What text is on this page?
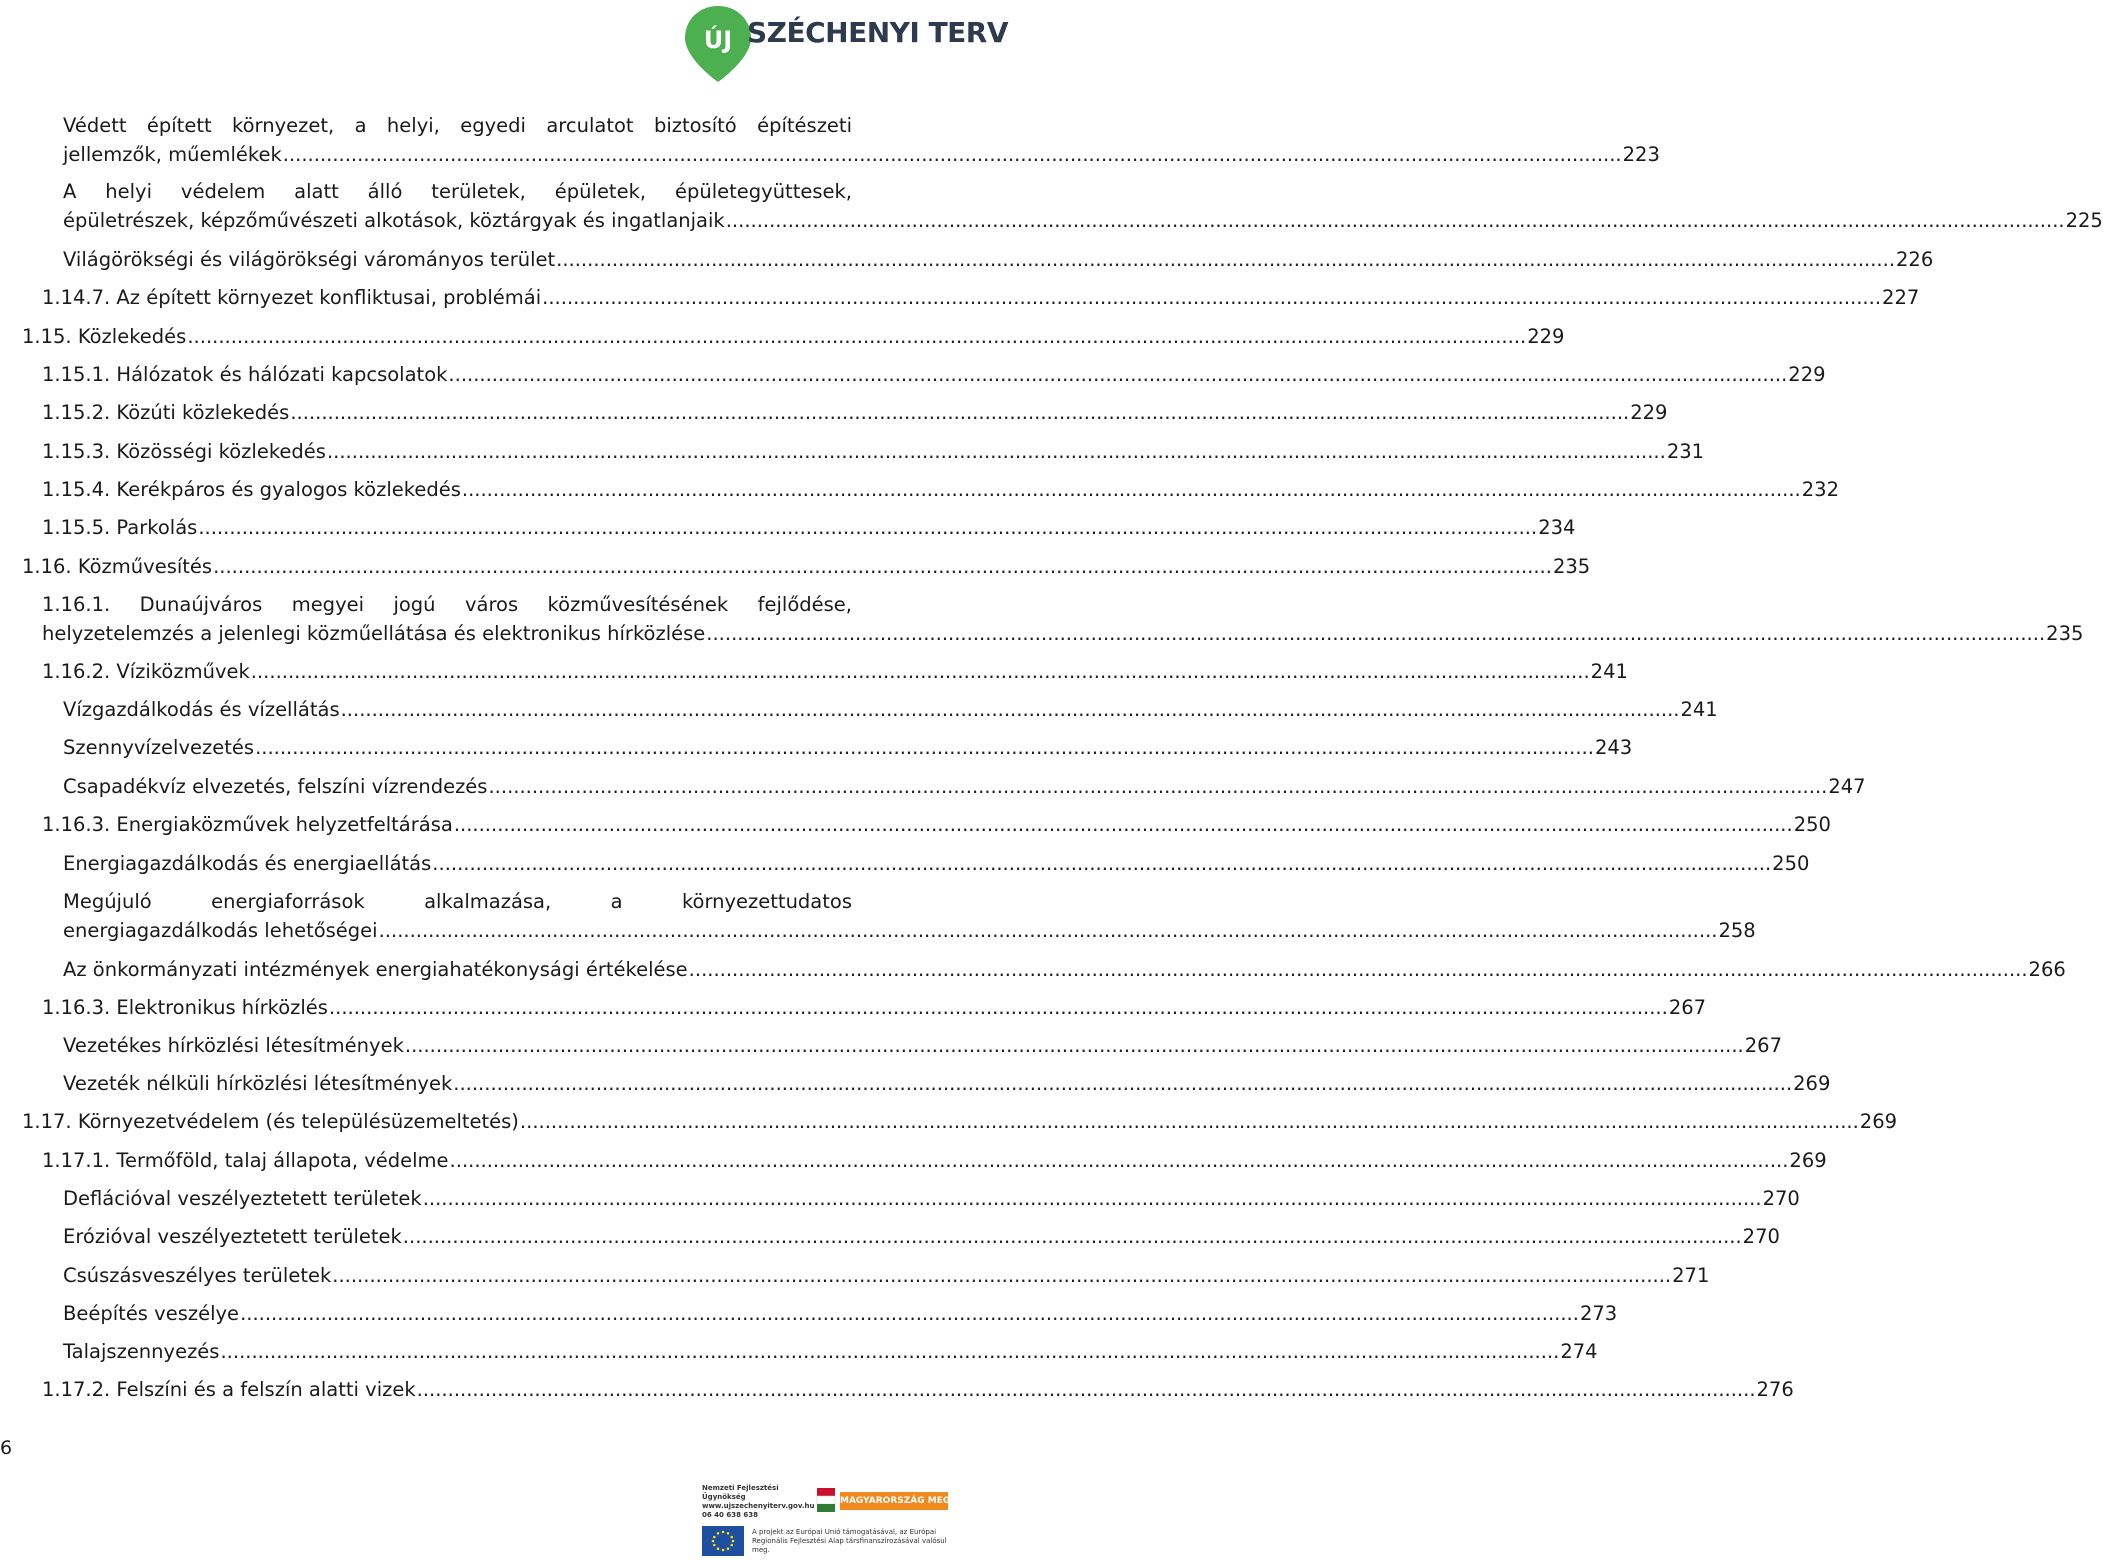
ÚJ SZÉCHENYI TERV
Védett épített környezet, a helyi, egyedi arculatot biztosító építészeti
jellemzők, műemlékek .....	223
A helyi védelem alatt álló területek, épületek, épületegyüttesek,
épületrészek, képzőművészeti alkotások, köztárgyak és ingatlanjaik .....	225
Világörökségi és világörökségi várományos terület .....	226
1.14.7. Az épített környezet konfliktusai, problémái .....	227
1.15. Közlekedés .....	229
1.15.1. Hálózatok és hálózati kapcsolatok .....	229
1.15.2. Közúti közlekedés .....	229
1.15.3. Közösségi közlekedés .....	231
1.15.4. Kerékpáros és gyalogos közlekedés .....	232
1.15.5. Parkolás .....	234
1.16. Közművesítés .....	235
1.16.1. Dunaújváros megyei jogú város közművesítésének fejlődése,
helyzetelemzés a jelenlegi közműellátása és elektronikus hírközlése .....	235
1.16.2. Víziközművek .....	241
Vízgazdálkodás és vízellátás .....	241
Szennyvízelvezetés .....	243
Csapadékvíz elvezetés, felszíni vízrendezés .....	247
1.16.3. Energiaközművek helyzetfeltárása .....	250
Energiagazdálkodás és energiaellátás .....	250
Megújuló energiaforrások alkalmazása, a környezettudatos
energiagazdálkodás lehetőségei .....	258
Az önkormányzati intézmények energiahatékonysági értékelése .....	266
1.16.3. Elektronikus hírközlés .....	267
Vezetékes hírközlési létesítmények .....	267
Vezeték nélküli hírközlési létesítmények .....	269
1.17. Környezetvédelem (és településüzemeltetés) .....	269
1.17.1. Termőföld, talaj állapota, védelme .....	269
Deflációval veszélyeztetett területek .....	270
Erózióval veszélyeztetett területek .....	270
Csúszásveszélyes területek .....	271
Beépítés veszélye .....	273
Talajszennyezés .....	274
1.17.2. Felszíni és a felszín alatti vizek .....	276
6
Nemzeti Fejlesztési Ügynökség www.ujszechenyiterv.gov.hu 06 40 638 638
MAGYARORSZÁG MEGÚJUL
A projekt az Európai Unió támogatásával, az Európai Regionális Fejlesztési Alap társfinanszírozásával valósul meg.
